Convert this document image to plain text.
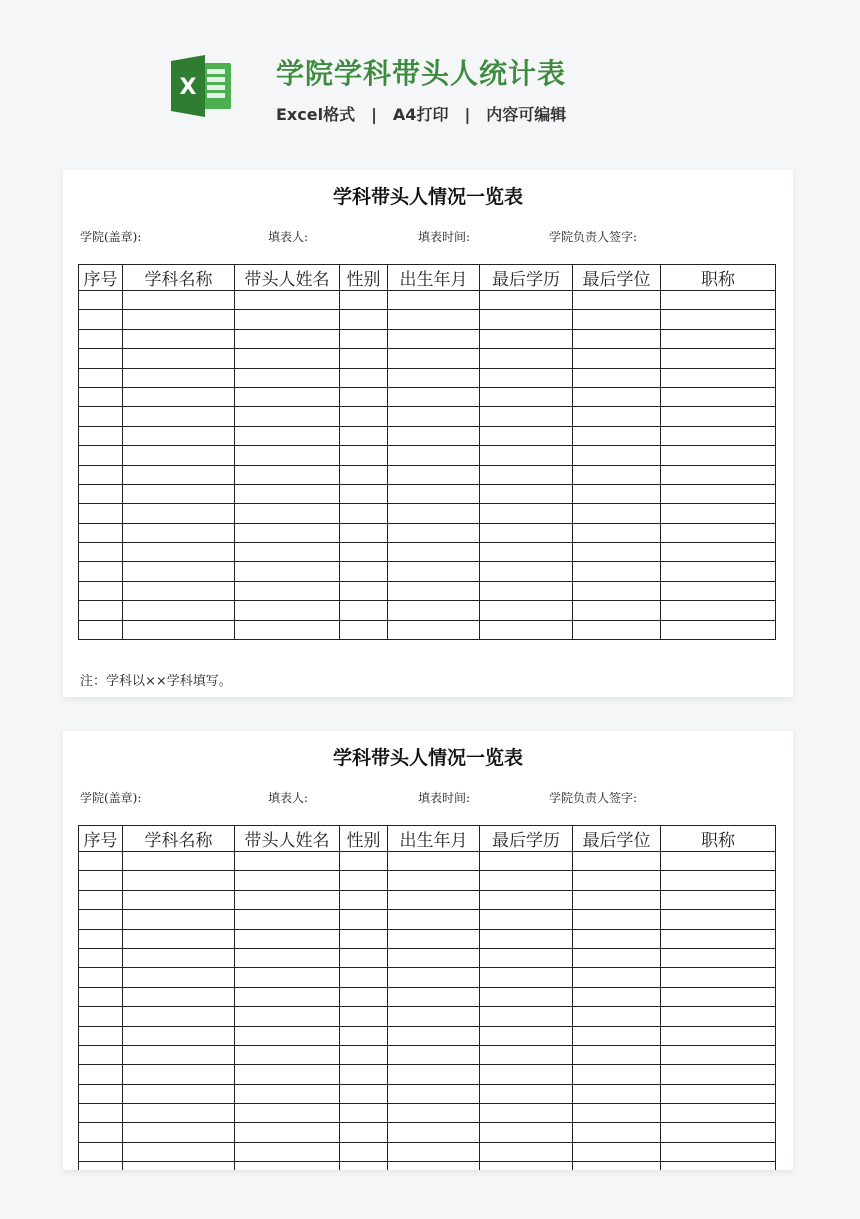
X	学院学科带头人统计表
Excel格式 | A4打印 | 内容可编辑
学科带头人情况一览表
学院(盖章):	填表人:	填表时间:	学院负责人签字:
序号	学科名称	带头人姓名	性别	出生年月	最后学历	最后学位	职称

注：学科以××学科填写。
学科带头人情况一览表
学院(盖章):	填表人:	填表时间:	学院负责人签字:
序号	学科名称	带头人姓名	性别	出生年月	最后学历	最后学位	职称
